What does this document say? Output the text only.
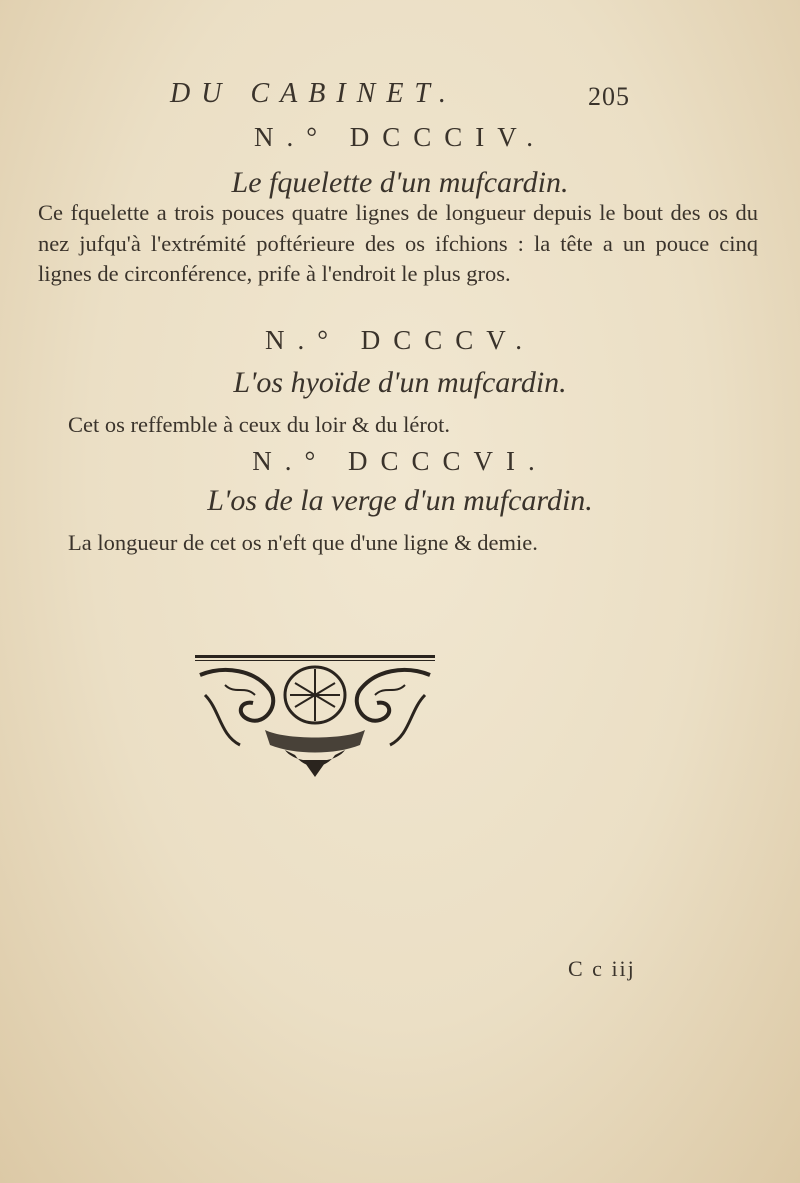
DU CABINET.	205
N.° DCCCIV.
Le fquelette d'un mufcardin.

Ce fquelette a trois pouces quatre lignes de longueur depuis le bout des os du nez jufqu'à l'extrémité poftérieure des os ifchions : la tête a un pouce cinq lignes de circonférence, prife à l'endroit le plus gros.

N.° DCCCV.
L'os hyoïde d'un mufcardin.

Cet os reffemble à ceux du loir & du lérot.

N.° DCCCVI.
L'os de la verge d'un mufcardin.

La longueur de cet os n'eft que d'une ligne & demie.

C c iij
